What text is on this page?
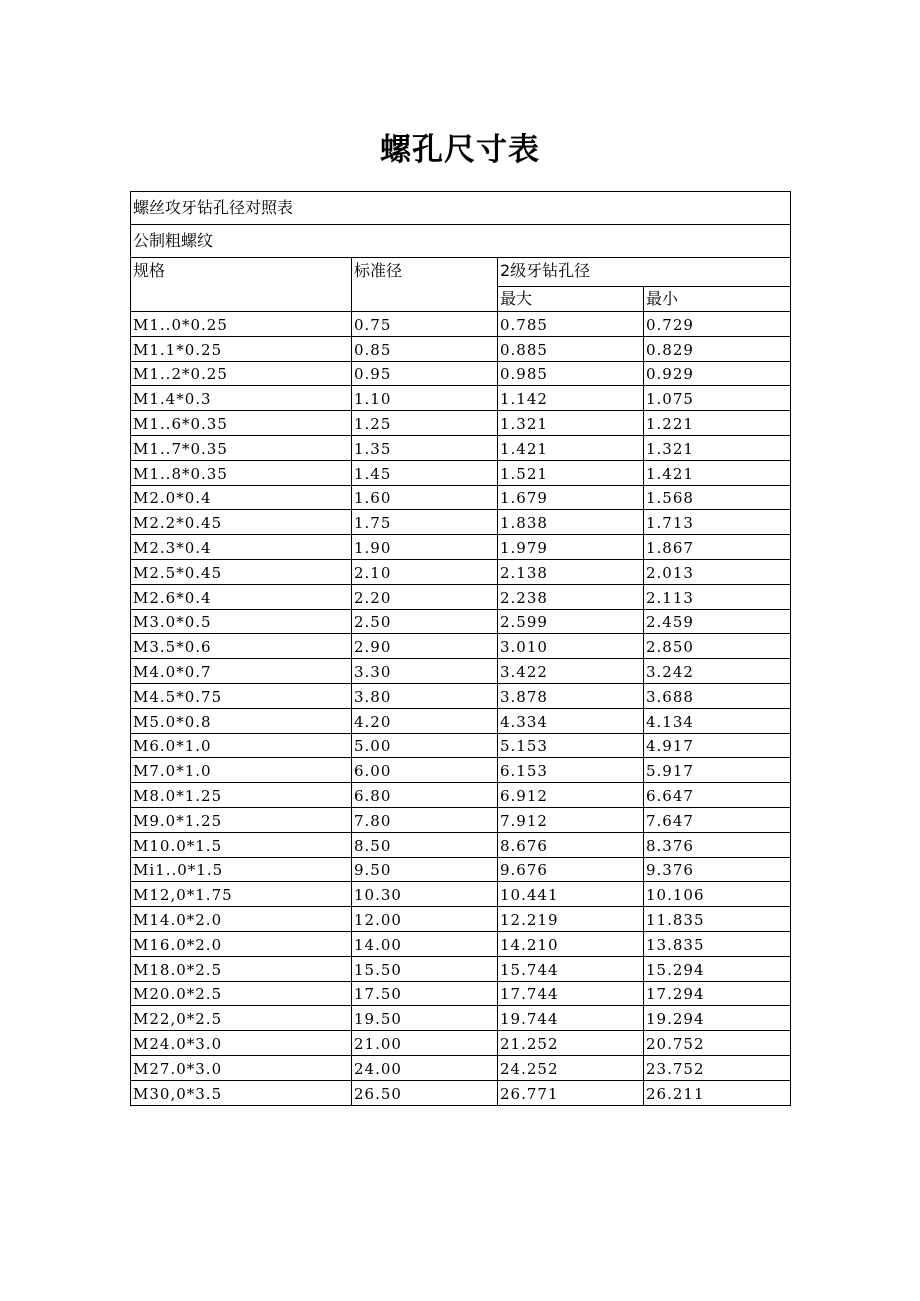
螺孔尺寸表
螺丝攻牙钻孔径对照表			
公制粗螺纹			
规格	标准径	2级牙钻孔径	
		最大	最小
M1..0*0.25	0.75	0.785	0.729
M1.1*0.25	0.85	0.885	0.829
M1..2*0.25	0.95	0.985	0.929
M1.4*0.3	1.10	1.142	1.075
M1..6*0.35	1.25	1.321	1.221
M1..7*0.35	1.35	1.421	1.321
M1..8*0.35	1.45	1.521	1.421
M2.0*0.4	1.60	1.679	1.568
M2.2*0.45	1.75	1.838	1.713
M2.3*0.4	1.90	1.979	1.867
M2.5*0.45	2.10	2.138	2.013
M2.6*0.4	2.20	2.238	2.113
M3.0*0.5	2.50	2.599	2.459
M3.5*0.6	2.90	3.010	2.850
M4.0*0.7	3.30	3.422	3.242
M4.5*0.75	3.80	3.878	3.688
M5.0*0.8	4.20	4.334	4.134
M6.0*1.0	5.00	5.153	4.917
M7.0*1.0	6.00	6.153	5.917
M8.0*1.25	6.80	6.912	6.647
M9.0*1.25	7.80	7.912	7.647
M10.0*1.5	8.50	8.676	8.376
Mi1..0*1.5	9.50	9.676	9.376
M12,0*1.75	10.30	10.441	10.106
M14.0*2.0	12.00	12.219	11.835
M16.0*2.0	14.00	14.210	13.835
M18.0*2.5	15.50	15.744	15.294
M20.0*2.5	17.50	17.744	17.294
M22,0*2.5	19.50	19.744	19.294
M24.0*3.0	21.00	21.252	20.752
M27.0*3.0	24.00	24.252	23.752
M30,0*3.5	26.50	26.771	26.211
